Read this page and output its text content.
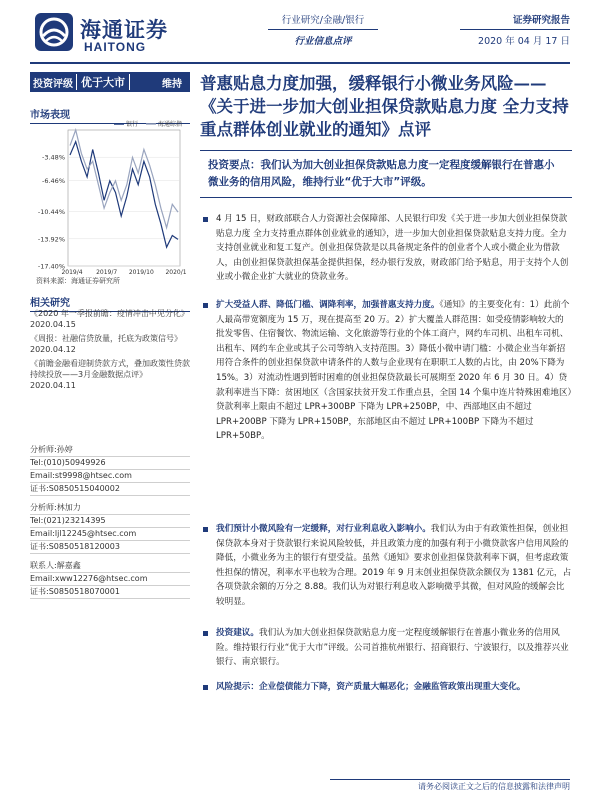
海通证券
HAITONG
行业研究/金融/银行
行业信息点评
证券研究报告
2020 年 04 月 17 日
投资评级 优于大市	维持
市场表现
-3.48%
-6.46%
-10.44%
-13.92%
-17.40%
2019/4 2019/7 2019/10 2020/1
银行	海通综指
资料来源：海通证券研究所
相关研究
《2020 年一季报前瞻：疫情冲击中见分化》
2020.04.15
《周报：社融信贷放量，托底为政策信号》
2020.04.12
《前瞻金融看迎制贷款方式，叠加政策性贷款持续投放——3月金融数据点评》
2020.04.11
分析师:孙婷
Tel:(010)50949926
Email:st9998@htsec.com
证书:S0850515040002
分析师:林加力
Tel:(021)23214395
Email:ljl12245@htsec.com
证书:S0850518120003
联系人:解嘉鑫
Email:xww12276@htsec.com
证书:S0850518070001
普惠贴息力度加强，缓释银行小微业务风险——《关于进一步加大创业担保贷款贴息力度 全力支持重点群体创业就业的通知》点评
投资要点：我们认为加大创业担保贷款贴息力度一定程度缓解银行在普惠小微业务的信用风险，维持行业“优于大市”评级。
4 月 15 日，财政部联合人力资源社会保障部、人民银行印发《关于进一步加大创业担保贷款贴息力度 全力支持重点群体创业就业的通知》，进一步加大创业担保贷款贴息支持力度。全力支持创业就业和复工复产。创业担保贷款是以具备规定条件的创业者个人或小微企业为借款人，由创业担保贷款担保基金提供担保，经办银行发放，财政部门给予贴息，用于支持个人创业或小微企业扩大就业的贷款业务。
扩大受益人群、降低门槛、调降利率，加强普惠支持力度。《通知》的主要变化有：1）此前个人最高带宽额度为 15 万，现在提高至 20 万。2）扩大覆盖人群范围：如受疫情影响较大的批发零售、住宿餐饮、物流运输、文化旅游等行业的个体工商户，网约车司机、出租车司机、出租车、网约车企业或其子公司等纳入支持范围。3）降低小微申请门槛：小微企业当年新招用符合条件的创业担保贷款申请条件的人数与企业现有在职职工人数的占比，由 20%下降为 15%。3）对流动性遇到暂时困难的创业担保贷款最长可展期至 2020 年 6 月 30 日。4）贷款利率进当下降：贫困地区（含国家扶贫开发工作重点县，全国 14 个集中连片特殊困难地区）贷款利率上限由不超过 LPR+300BP 下降为 LPR+250BP，中、西部地区由不超过 LPR+200BP 下降为 LPR+150BP，东部地区由不超过 LPR+100BP 下降为不超过 LPR+50BP。
我们预计小微风险有一定缓释，对行业利息收入影响小。我们认为由于有政策性担保，创业担保贷款本身对于贷款银行来说风险较低，并且政策力度的加强有利于小微贷款客户信用风险的降低，小微业务为主的银行有望受益。虽然《通知》要求创业担保贷款利率下调，但考虑政策性担保的情况，利率水平也较为合理。2019 年 9 月末创业担保贷款余额仅为 1381 亿元，占各项贷款余额的万分之 8.88。我们认为对银行利息收入影响微乎其微，但对风险的缓解会比较明显。
投资建议。我们认为加大创业担保贷款贴息力度一定程度缓解银行在普惠小微业务的信用风险。维持银行行业“优于大市”评级。公司首推杭州银行、招商银行、宁波银行，以及推荐兴业银行、南京银行。
风险提示：企业偿债能力下降，资产质量大幅恶化；金融监管政策出现重大变化。
请务必阅读正文之后的信息披露和法律声明
